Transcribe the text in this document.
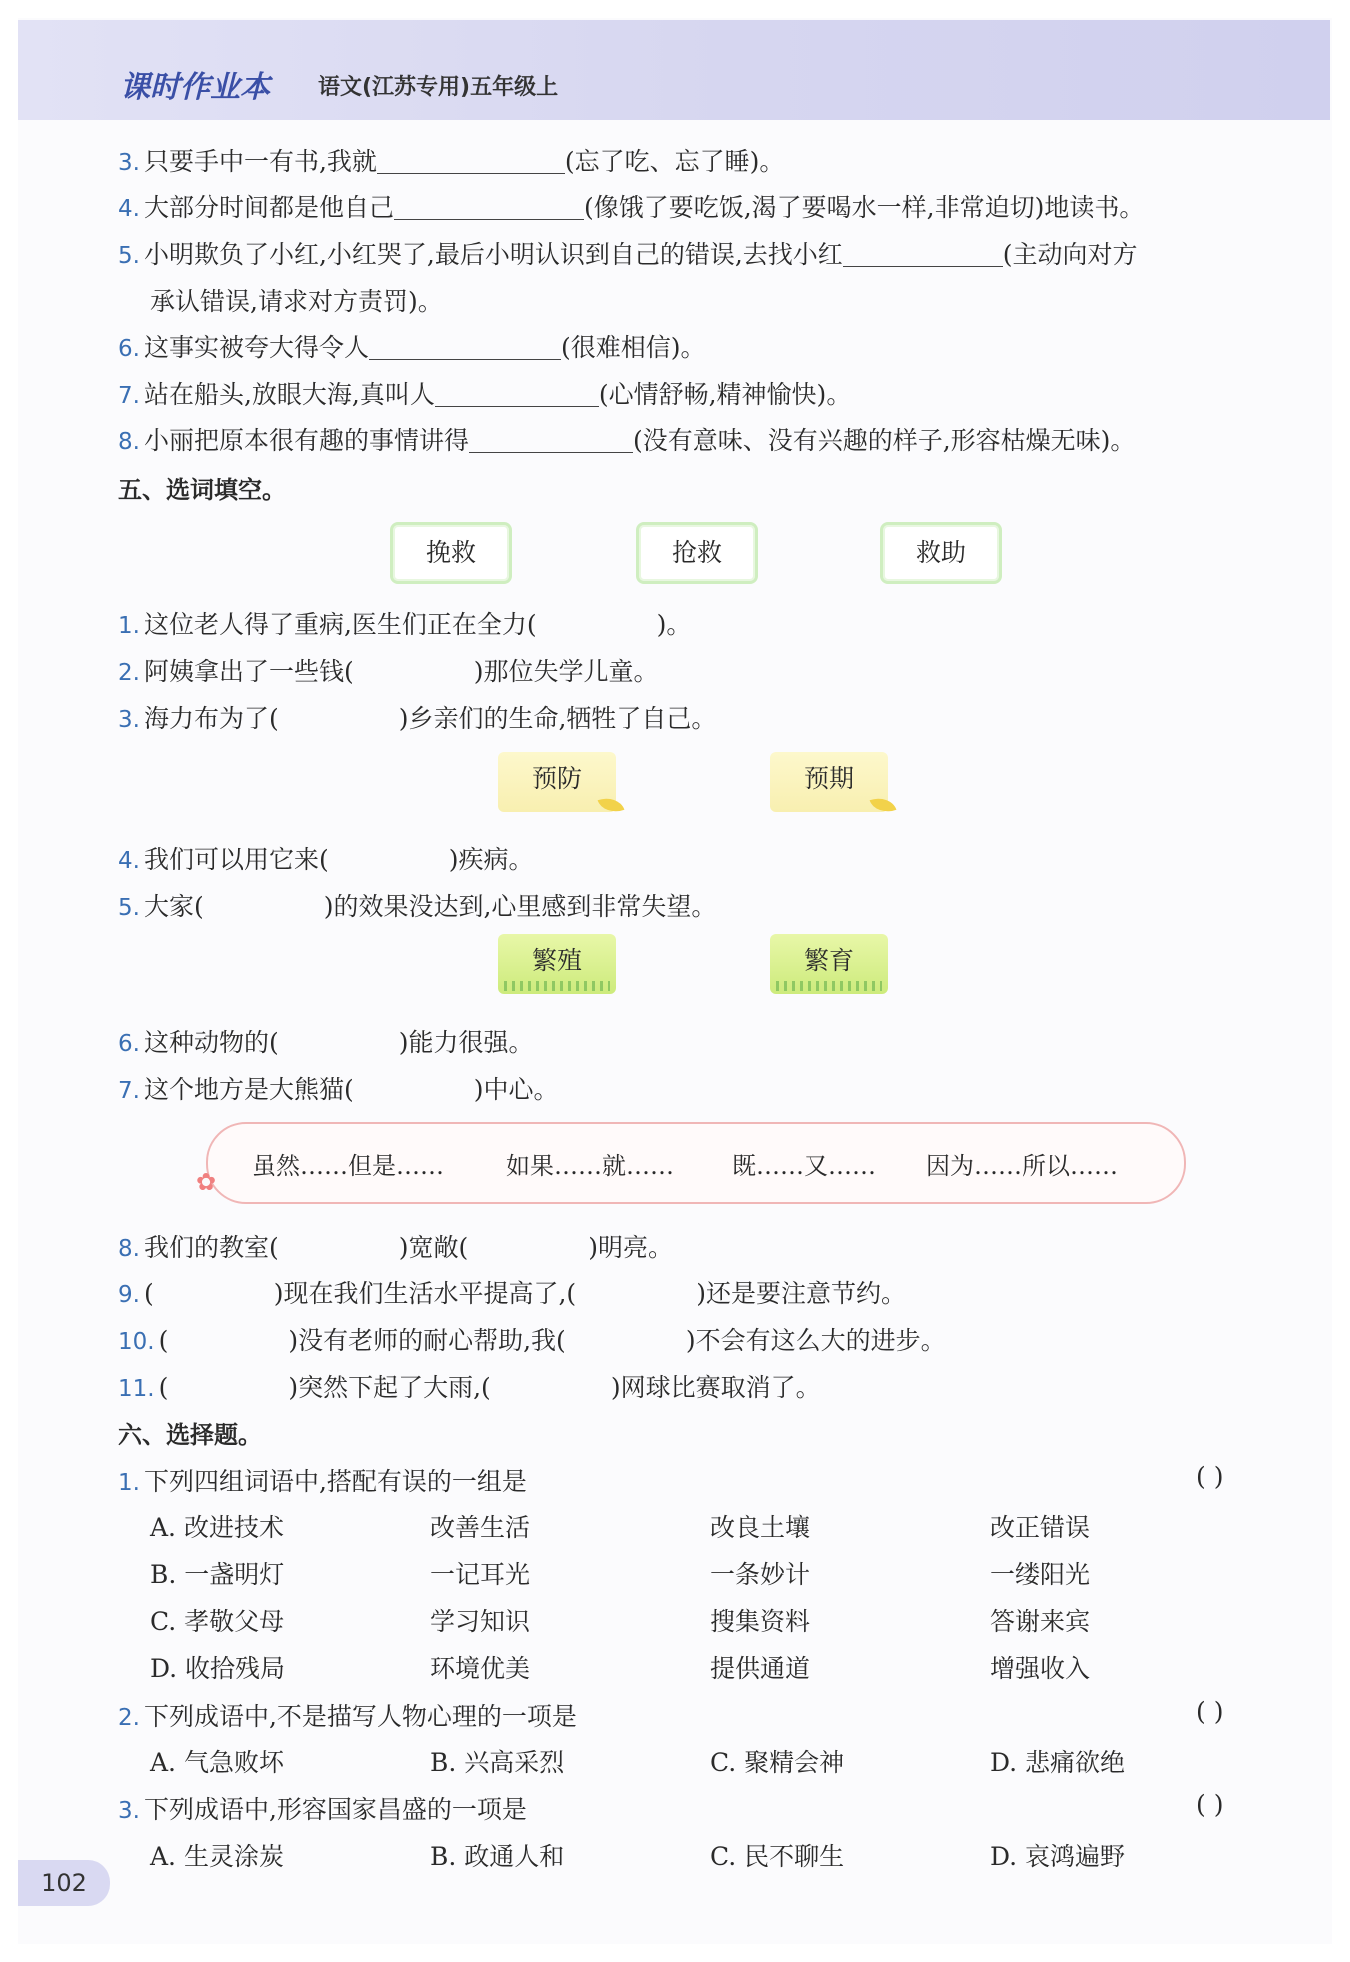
课时作业本 语文(江苏专用)五年级上
3. 只要手中一有书,我就	(忘了吃、忘了睡)。
4. 大部分时间都是他自己	(像饿了要吃饭,渴了要喝水一样,非常迫切)地读书。
5. 小明欺负了小红,小红哭了,最后小明认识到自己的错误,去找小红	(主动向对方
承认错误,请求对方责罚)。
6. 这事实被夸大得令人	(很难相信)。
7. 站在船头,放眼大海,真叫人	(心情舒畅,精神愉快)。
8. 小丽把原本很有趣的事情讲得	(没有意味、没有兴趣的样子,形容枯燥无味)。
五、选词填空。
挽救	抢救	救助
1. 这位老人得了重病,医生们正在全力(	)。
2. 阿姨拿出了一些钱(	)那位失学儿童。
3. 海力布为了(	)乡亲们的生命,牺牲了自己。
预防	预期
4. 我们可以用它来(	)疾病。
5. 大家(	)的效果没达到,心里感到非常失望。
繁殖	繁育
6. 这种动物的(	)能力很强。
7. 这个地方是大熊猫(	)中心。
✿
虽然……但是……	如果……就…… 既……又…… 因为……所以……
8. 我们的教室(	)宽敞(	)明亮。
9. (	)现在我们生活水平提高了,(	)还是要注意节约。
10. (	)没有老师的耐心帮助,我(	)不会有这么大的进步。
11. (	)突然下起了大雨,(	)网球比赛取消了。
六、选择题。
1. 下列四组词语中,搭配有误的一组是	( )
A. 改进技术	改善生活	改良土壤	改正错误
B. 一盏明灯	一记耳光	一条妙计	一缕阳光
C. 孝敬父母	学习知识	搜集资料	答谢来宾
D. 收拾残局	环境优美	提供通道	增强收入
2. 下列成语中,不是描写人物心理的一项是	( )
A. 气急败坏	B. 兴高采烈	C. 聚精会神	D. 悲痛欲绝
3. 下列成语中,形容国家昌盛的一项是	( )
A. 生灵涂炭	B. 政通人和	C. 民不聊生	D. 哀鸿遍野
102
